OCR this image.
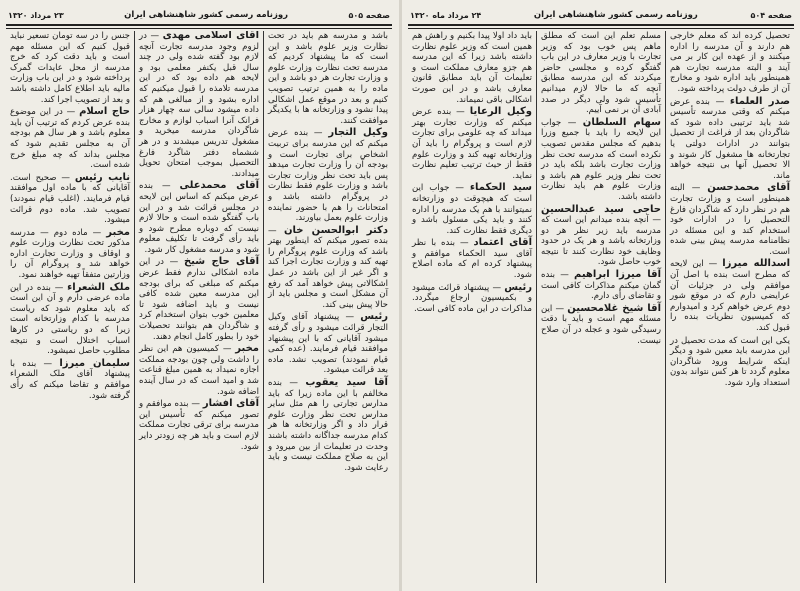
صفحه ۵۰۴
روزنامه رسمی کشور شاهنشاهی ایران
۲۴ مرداد ماه ۱۳۲۰

تحصیل کرده اند که معلم خارجی هم دارند و آن مدرسه را اداره میکنند و از عهده این کار بر می آیند و البته مدرسه تجارت هم همینطور باید اداره شود و مخارج آن از طرف دولت پرداخته شود.

صدر العلماء — بنده عرض میکنم که وقتی مدرسه تأسیس شد باید ترتیبی داده شود که شاگردان بعد از فراغت از تحصیل بتوانند در ادارات دولتی یا تجارتخانه ها مشغول کار شوند و الا تحصیل آنها بی نتیجه خواهد ماند.

آقای محمدحسن — البته همینطور است و وزارت تجارت هم در نظر دارد که شاگردان فارغ التحصیل را در ادارات خود استخدام کند و این مسئله در نظامنامه مدرسه پیش بینی شده است.

اسدالله میرزا — این لایحه که مطرح است بنده با اصل آن موافقم ولی در جزئیات آن عرایضی دارم که در موقع شور دوم عرض خواهم کرد و امیدوارم که کمیسیون نظریات بنده را قبول کند.

یکی این است که مدت تحصیل در این مدرسه باید معین شود و دیگر اینکه شرایط ورود شاگردان معلوم گردد تا هر کس نتواند بدون استعداد وارد شود.

مسلم تعلم این است که مطلق ماهم پس خوب بود که وزیر تجارت با وزیر معارف در این باب گفتگو کرده و مجلسی حاضر میکردند که این مدرسه مطابق آنچه که ما حالا لازم میدانیم تأسیس شود ولی دیگر در صدد آبادی آن بر نمی آییم.

سهام السلطان — جواب این لایحه را باید با جمیع وزرا بدهیم که مجلس مقدس تصویب نکرده است که مدرسه تحت نظر وزارت تجارت باشد بلکه باید در تحت نظر وزیر علوم هم باشد و وزارت علوم هم باید نظارت داشته باشد.

حاجی سید عبدالحسین — آنچه بنده میدانم این است که مدرسه باید زیر نظر هر دو وزارتخانه باشد و هر یک در حدود وظایف خود نظارت کنند تا نتیجه خوب حاصل شود.

آقا میرزا ابراهیم — بنده گمان میکنم مذاکرات کافی است و تقاضای رأی دارم.

آقا شیخ غلامحسین — این مسئله مهم است و باید با دقت رسیدگی شود و عجله در آن صلاح نیست.

باید داد اولا پیدا بکنیم و راهش هم همین است که وزیر علوم نظارت داشته باشد زیرا که این مدرسه هم جزو معارف مملکت است و تعلیمات آن باید مطابق قانون معارف باشد و در این صورت اشکالی باقی نمیماند.

وکیل الرعایا — بنده عرض میکنم که وزارت تجارت بهتر میداند که چه علومی برای تجارت لازم است و پروگرام را باید آن وزارتخانه تهیه کند و وزارت علوم فقط از حیث ترتیب تعلیم نظارت نماید.

سید الحکماء — جواب این است که هیچوقت دو وزارتخانه نمیتوانند با هم یک مدرسه را اداره کنند و باید یکی مسئول باشد و دیگری فقط نظارت کند.

آقای اعتماد — بنده با نظر آقای سید الحکماء موافقم و پیشنهاد کرده ام که ماده اصلاح شود.

رئیس — پیشنهاد قرائت میشود و بکمیسیون ارجاع میگردد. مذاکرات در این ماده کافی است.

صفحه ۵۰۵
روزنامه رسمی کشور شاهنشاهی ایران
۲۳ مرداد ۱۳۲۰

باشد و مدرسه هم باید در تحت نظارت وزیر علوم باشد و این است که ما پیشنهاد کردیم که مدرسه تحت نظارت وزارت علوم و وزارت تجارت هر دو باشد و این ماده را به همین ترتیب تصویب کنیم و بعد در موقع عمل اشکالی پیدا نشود و وزارتخانه ها با یکدیگر موافقت کنند.

وکیل التجار — بنده عرض میکنم که این مدرسه برای تربیت اشخاص برای تجارت است و بودجه آن را وزارت تجارت میدهد پس باید تحت نظر وزارت تجارت باشد و وزارت علوم فقط نظارت در پروگرام داشته باشد و امتحانات را هم با حضور نماینده وزارت علوم بعمل بیاورند.

دکتر ابوالحسن خان — بنده تصور میکنم که اینطور بهتر باشد که وزارت علوم پروگرام را تهیه کند و وزارت تجارت اجرا کند و اگر غیر از این باشد در عمل اشکالاتی پیش خواهد آمد که رفع آن مشکل است و مجلس باید از حالا پیش بینی کند.

رئیس — پیشنهاد آقای وکیل التجار قرائت میشود و رأی گرفته میشود آقایانی که با این پیشنهاد موافقند قیام فرمایند. (عده کمی قیام نمودند) تصویب نشد. ماده بعد قرائت میشود.

آقا سید یعقوب — بنده مخالفم با این ماده زیرا که باید مدارس تجارتی را هم مثل سایر مدارس تحت نظر وزارت علوم قرار داد و اگر وزارتخانه ها هر کدام مدرسه جداگانه داشته باشند وحدت در تعلیمات از بین میرود و این به صلاح مملکت نیست و باید رعایت شود.

آقای اسلامی مهدی — در لزوم وجود مدرسه تجارت آنچه لازم بود گفته شده ولی در چند سال قبل یکنفر معلمی بود و لایحه هم داده بود که در این مدرسه تلامذه را قبول میکنیم که اداره بشود و از مبالغی هم که داده میشود سالی سه چهار هزار فرانک آنرا اسباب لوازم و مخارج شاگردان مدرسه میخرید و مشغول تدریس میشدند و در هر ششماه دفتر شاگرد فارغ التحصیل بموجب امتحان تحویل میدادند.

آقای محمدعلی — بنده عرض میکنم که اساس این لایحه در مجلس قرائت شد و در این باب گفتگو شده است و حالا لازم نیست که دوباره مطرح شود و باید رأی گرفت تا تکلیف معلوم شود و مدرسه مشغول کار شود.

آقای حاج شیخ — در این ماده اشکالی ندارم فقط عرض میکنم که مبلغی که برای بودجه این مدرسه معین شده کافی نیست و باید اضافه شود تا معلمین خوب بتوان استخدام کرد و شاگردان هم بتوانند تحصیلات خود را بطور کامل انجام دهند.

مخبر — کمیسیون هم این نظر را داشت ولی چون بودجه مملکت اجازه نمیداد به همین مبلغ قناعت شد و امید است که در سال آینده اضافه شود.

آقای افشار — بنده موافقم و تصور میکنم که تأسیس این مدرسه برای ترقی تجارت مملکت لازم است و باید هر چه زودتر دایر شود.

جنس را در سه تومان تسعیر نباید قبول کنیم که این مسئله مهم است و باید دقت کرد که خرج مدرسه از محل عایدات گمرک پرداخته شود و در این باب وزارت مالیه باید اطلاع کامل داشته باشد و بعد از تصویب اجرا کند.

حاج اسلام — در این موضوع بنده عرض کردم که ترتیب آن باید معلوم باشد و هر سال هم بودجه آن به مجلس تقدیم شود که مجلس بداند که چه مبلغ خرج شده است.

نایب رئیس — صحیح است. آقایانی که با ماده اول موافقند قیام فرمایند. (اغلب قیام نمودند) تصویب شد. ماده دوم قرائت میشود.

مخبر — ماده دوم — مدرسه مذکور تحت نظارت وزارت علوم و اوقاف و وزارت تجارت اداره خواهد شد و پروگرام آن را وزارتین متفقاً تهیه خواهند نمود.

ملک الشعراء — بنده در این ماده عرضی دارم و آن این است که باید معلوم شود که ریاست مدرسه با کدام وزارتخانه است زیرا که دو ریاستی در کارها اسباب اختلال است و نتیجه مطلوب حاصل نمیشود.

سلیمان میرزا — بنده با پیشنهاد آقای ملک الشعراء موافقم و تقاضا میکنم که رأی گرفته شود.
